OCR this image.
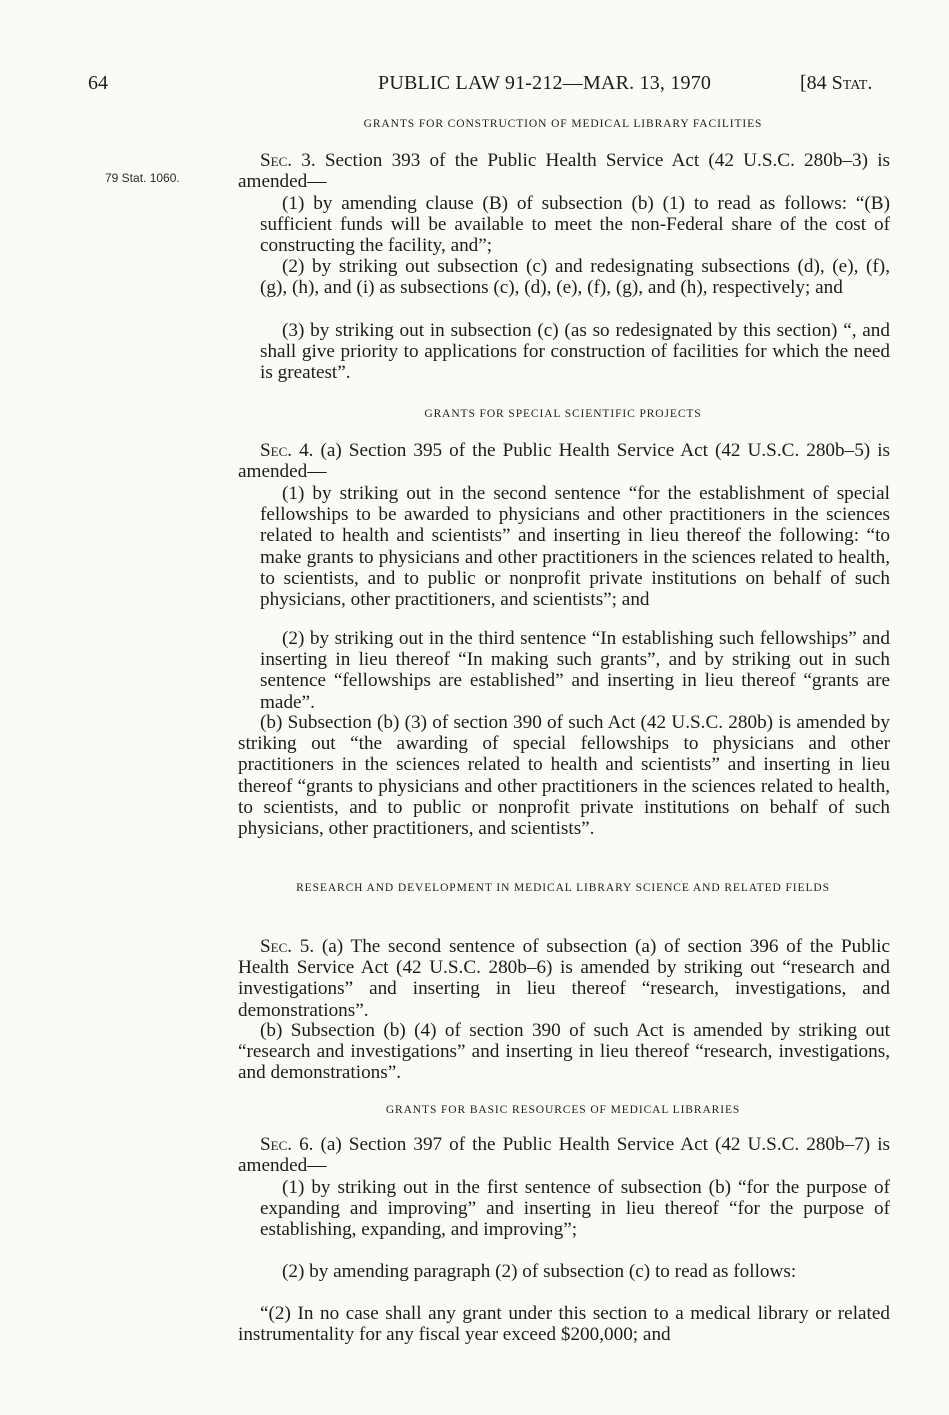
64	PUBLIC LAW 91-212—MAR. 13, 1970	[84 Stat.
79 Stat. 1060.
GRANTS FOR CONSTRUCTION OF MEDICAL LIBRARY FACILITIES
Sec. 3. Section 393 of the Public Health Service Act (42 U.S.C. 280b–3) is amended—
(1) by amending clause (B) of subsection (b) (1) to read as follows: “(B) sufficient funds will be available to meet the non-Federal share of the cost of constructing the facility, and”;
(2) by striking out subsection (c) and redesignating subsections (d), (e), (f), (g), (h), and (i) as subsections (c), (d), (e), (f), (g), and (h), respectively; and
(3) by striking out in subsection (c) (as so redesignated by this section) “, and shall give priority to applications for construction of facilities for which the need is greatest”.
GRANTS FOR SPECIAL SCIENTIFIC PROJECTS
Sec. 4. (a) Section 395 of the Public Health Service Act (42 U.S.C. 280b–5) is amended—
(1) by striking out in the second sentence “for the establishment of special fellowships to be awarded to physicians and other practitioners in the sciences related to health and scientists” and inserting in lieu thereof the following: “to make grants to physicians and other practitioners in the sciences related to health, to scientists, and to public or nonprofit private institutions on behalf of such physicians, other practitioners, and scientists”; and
(2) by striking out in the third sentence “In establishing such fellowships” and inserting in lieu thereof “In making such grants”, and by striking out in such sentence “fellowships are established” and inserting in lieu thereof “grants are made”.
(b) Subsection (b) (3) of section 390 of such Act (42 U.S.C. 280b) is amended by striking out “the awarding of special fellowships to physicians and other practitioners in the sciences related to health and scientists” and inserting in lieu thereof “grants to physicians and other practitioners in the sciences related to health, to scientists, and to public or nonprofit private institutions on behalf of such physicians, other practitioners, and scientists”.
RESEARCH AND DEVELOPMENT IN MEDICAL LIBRARY SCIENCE AND RELATED FIELDS
Sec. 5. (a) The second sentence of subsection (a) of section 396 of the Public Health Service Act (42 U.S.C. 280b–6) is amended by striking out “research and investigations” and inserting in lieu thereof “research, investigations, and demonstrations”.
(b) Subsection (b) (4) of section 390 of such Act is amended by striking out “research and investigations” and inserting in lieu thereof “research, investigations, and demonstrations”.
GRANTS FOR BASIC RESOURCES OF MEDICAL LIBRARIES
Sec. 6. (a) Section 397 of the Public Health Service Act (42 U.S.C. 280b–7) is amended—
(1) by striking out in the first sentence of subsection (b) “for the purpose of expanding and improving” and inserting in lieu thereof “for the purpose of establishing, expanding, and improving”;
(2) by amending paragraph (2) of subsection (c) to read as follows:
“(2) In no case shall any grant under this section to a medical library or related instrumentality for any fiscal year exceed $200,000; and
